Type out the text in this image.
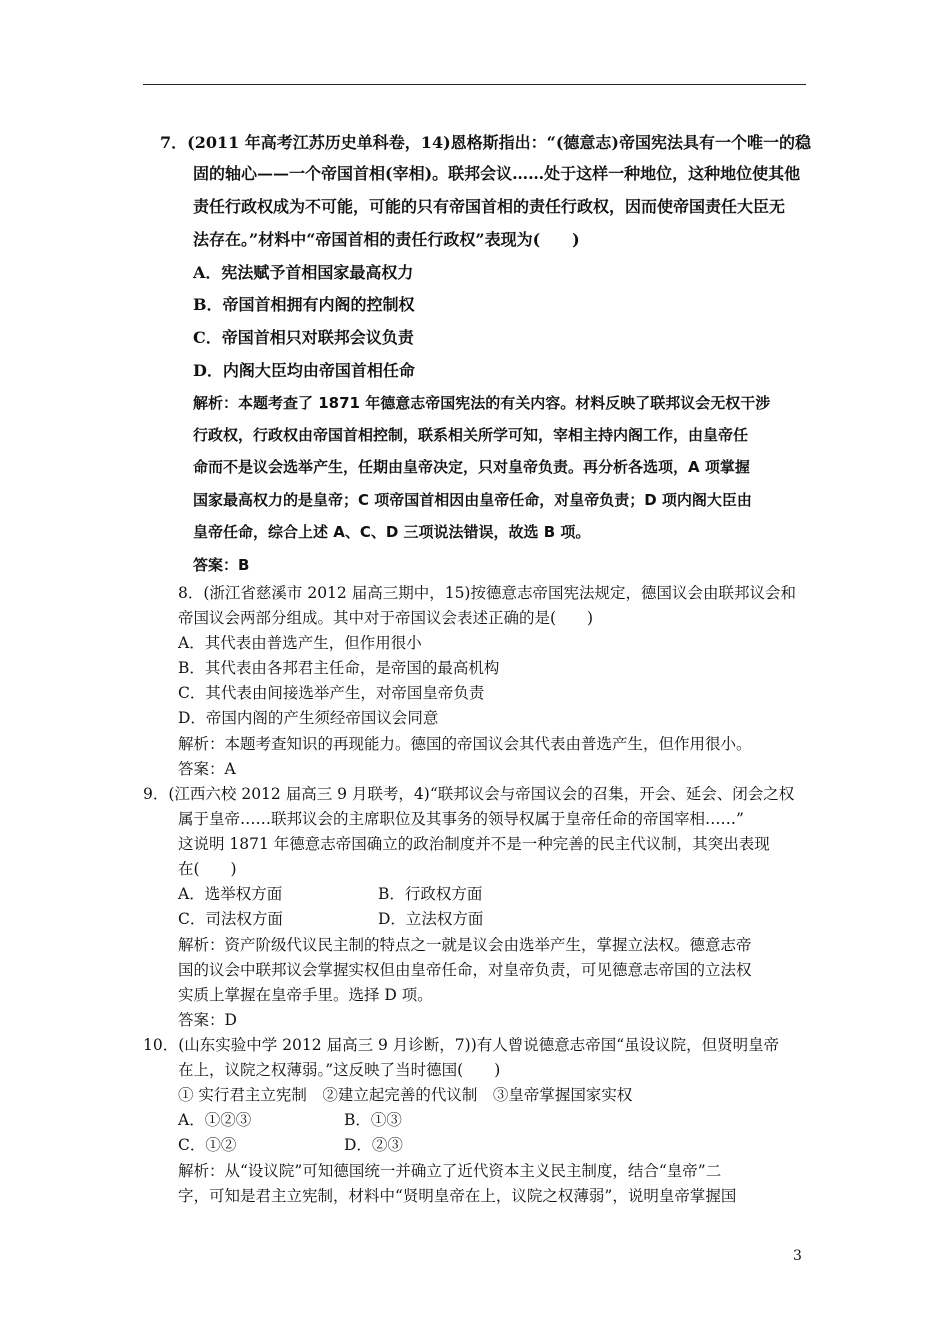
7．(2011 年高考江苏历史单科卷，14)恩格斯指出：“(德意志)帝国宪法具有一个唯一的稳
固的轴心——一个帝国首相(宰相)。联邦会议……处于这样一种地位，这种地位使其他
责任行政权成为不可能，可能的只有帝国首相的责任行政权，因而使帝国责任大臣无
法存在。”材料中“帝国首相的责任行政权”表现为(　　)
A．宪法赋予首相国家最高权力
B．帝国首相拥有内阁的控制权
C．帝国首相只对联邦会议负责
D．内阁大臣均由帝国首相任命
解析：本题考查了 1871 年德意志帝国宪法的有关内容。材料反映了联邦议会无权干涉
行政权，行政权由帝国首相控制，联系相关所学可知，宰相主持内阁工作，由皇帝任
命而不是议会选举产生，任期由皇帝决定，只对皇帝负责。再分析各选项，A 项掌握
国家最高权力的是皇帝；C 项帝国首相因由皇帝任命，对皇帝负责；D 项内阁大臣由
皇帝任命，综合上述 A、C、D 三项说法错误，故选 B 项。
答案：B
8．(浙江省慈溪市 2012 届高三期中，15)按德意志帝国宪法规定，德国议会由联邦议会和
帝国议会两部分组成。其中对于帝国议会表述正确的是(　　)
A．其代表由普选产生，但作用很小
B．其代表由各邦君主任命，是帝国的最高机构
C．其代表由间接选举产生，对帝国皇帝负责
D．帝国内阁的产生须经帝国议会同意
解析：本题考查知识的再现能力。德国的帝国议会其代表由普选产生，但作用很小。
答案：A
9．(江西六校 2012 届高三 9 月联考，4)“联邦议会与帝国议会的召集，开会、延会、闭会之权
属于皇帝……联邦议会的主席职位及其事务的领导权属于皇帝任命的帝国宰相……”
这说明 1871 年德意志帝国确立的政治制度并不是一种完善的民主代议制，其突出表现
在(　　)
A．选举权方面	B．行政权方面
C．司法权方面	D．立法权方面
解析：资产阶级代议民主制的特点之一就是议会由选举产生，掌握立法权。德意志帝
国的议会中联邦议会掌握实权但由皇帝任命，对皇帝负责，可见德意志帝国的立法权
实质上掌握在皇帝手里。选择 D 项。
答案：D
10．(山东实验中学 2012 届高三 9 月诊断，7))有人曾说德意志帝国“虽设议院，但贤明皇帝
在上，议院之权薄弱。”这反映了当时德国(　　)
① 实行君主立宪制　②建立起完善的代议制　③皇帝掌握国家实权
A．①②③	B．①③
C．①②	D．②③
解析：从“设议院”可知德国统一并确立了近代资本主义民主制度，结合“皇帝”二
字，可知是君主立宪制，材料中“贤明皇帝在上，议院之权薄弱”，说明皇帝掌握国
3
